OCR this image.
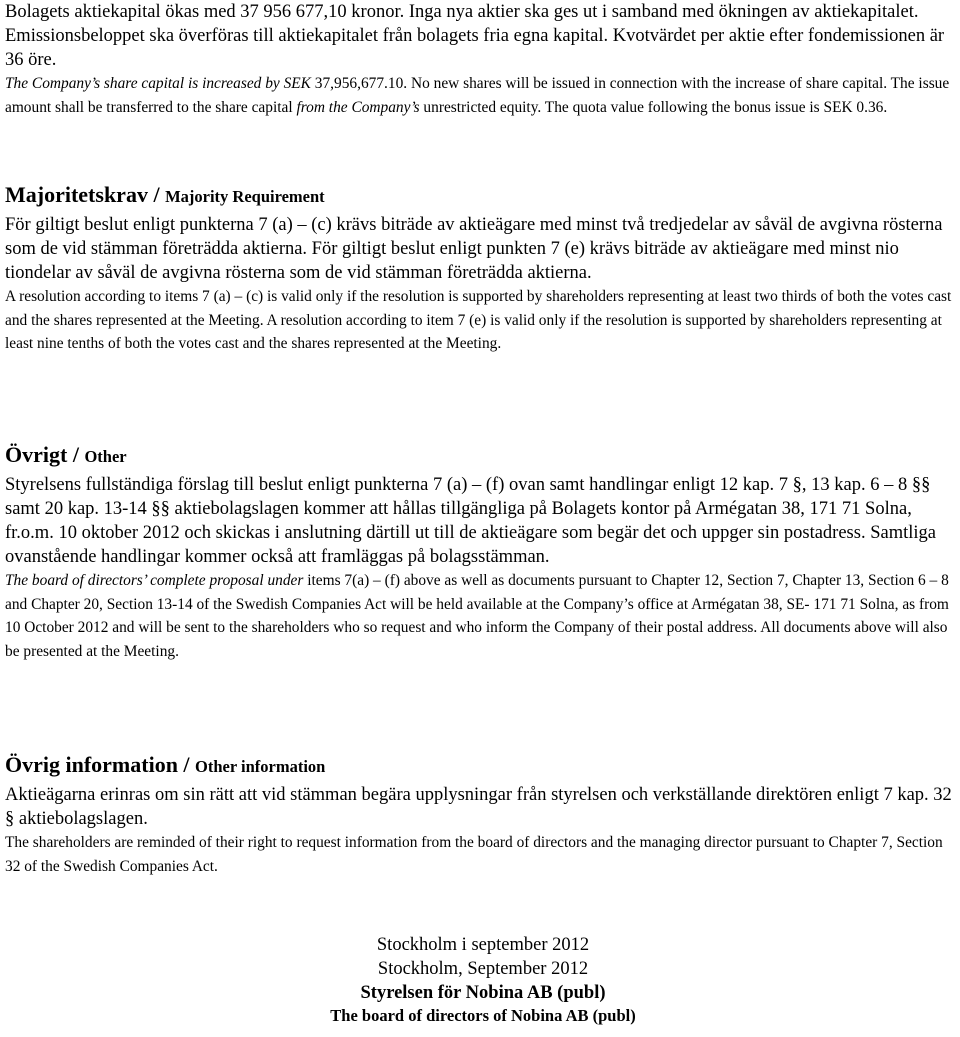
Bolagets aktiekapital ökas med 37 956 677,10 kronor. Inga nya aktier ska ges ut i samband med ökningen av aktiekapitalet. Emissionsbeloppet ska överföras till aktiekapitalet från bolagets fria egna kapital. Kvotvärdet per aktie efter fondemissionen är 36 öre.

The Company’s share capital is increased by SEK 37,956,677.10. No new shares will be issued in connection with the increase of share capital. The issue amount shall be transferred to the share capital from the Company’s unrestricted equity. The quota value following the bonus issue is SEK 0.36.

Majoritetskrav / Majority Requirement

För giltigt beslut enligt punkterna 7 (a) – (c) krävs biträde av aktieägare med minst två tredjedelar av såväl de avgivna rösterna som de vid stämman företrädda aktierna. För giltigt beslut enligt punkten 7 (e) krävs biträde av aktieägare med minst nio tiondelar av såväl de avgivna rösterna som de vid stämman företrädda aktierna.

A resolution according to items 7 (a) – (c) is valid only if the resolution is supported by shareholders representing at least two thirds of both the votes cast and the shares represented at the Meeting. A resolution according to item 7 (e) is valid only if the resolution is supported by shareholders representing at least nine tenths of both the votes cast and the shares represented at the Meeting.

Övrigt / Other

Styrelsens fullständiga förslag till beslut enligt punkterna 7 (a) – (f) ovan samt handlingar enligt 12 kap. 7 §, 13 kap. 6 – 8 §§ samt 20 kap. 13-14 §§ aktiebolagslagen kommer att hållas tillgängliga på Bolagets kontor på Armégatan 38, 171 71 Solna, fr.o.m. 10 oktober 2012 och skickas i anslutning därtill ut till de aktieägare som begär det och uppger sin postadress. Samtliga ovanstående handlingar kommer också att framläggas på bolagsstämman.

The board of directors’ complete proposal under items 7(a) – (f) above as well as documents pursuant to Chapter 12, Section 7, Chapter 13, Section 6 – 8 and Chapter 20, Section 13-14 of the Swedish Companies Act will be held available at the Company’s office at Armégatan 38, SE- 171 71 Solna, as from 10 October 2012 and will be sent to the shareholders who so request and who inform the Company of their postal address. All documents above will also be presented at the Meeting.

Övrig information / Other information

Aktieägarna erinras om sin rätt att vid stämman begära upplysningar från styrelsen och verkställande direktören enligt 7 kap. 32 § aktiebolagslagen.

The shareholders are reminded of their right to request information from the board of directors and the managing director pursuant to Chapter 7, Section 32 of the Swedish Companies Act.

Stockholm i september 2012

Stockholm, September 2012

Styrelsen för Nobina AB (publ)

The board of directors of Nobina AB (publ)
